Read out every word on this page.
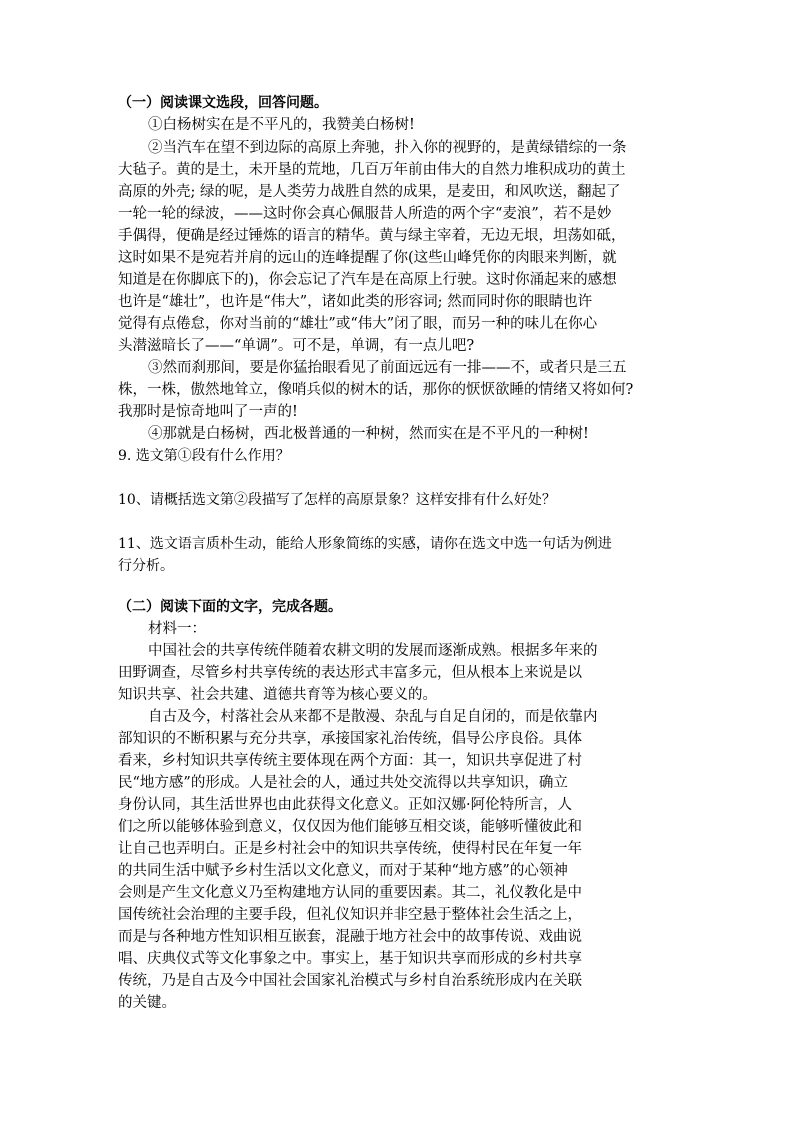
（一）阅读课文选段，回答问题。

①白杨树实在是不平凡的，我赞美白杨树!

②当汽车在望不到边际的高原上奔驰，扑入你的视野的，是黄绿错综的一条

大毡子。黄的是土，未开垦的荒地，几百万年前由伟大的自然力堆积成功的黄土

高原的外壳; 绿的呢，是人类劳力战胜自然的成果，是麦田，和风吹送，翻起了

一轮一轮的绿波，——这时你会真心佩服昔人所造的两个字“麦浪”，若不是妙

手偶得，便确是经过锤炼的语言的精华。黄与绿主宰着，无边无垠，坦荡如砥，

这时如果不是宛若并肩的远山的连峰提醒了你(这些山峰凭你的肉眼来判断，就

知道是在你脚底下的)，你会忘记了汽车是在高原上行驶。这时你涌起来的感想

也许是“雄壮”，也许是“伟大”，诸如此类的形容词; 然而同时你的眼睛也许

觉得有点倦怠，你对当前的“雄壮”或“伟大”闭了眼，而另一种的味儿在你心

头潜滋暗长了——“单调”。可不是，单调，有一点儿吧?

③然而刹那间，要是你猛抬眼看见了前面远远有一排——不，或者只是三五

株，一株，傲然地耸立，像哨兵似的树木的话，那你的恹恹欲睡的情绪又将如何?

我那时是惊奇地叫了一声的!

④那就是白杨树，西北极普通的一种树，然而实在是不平凡的一种树!

9. 选文第①段有什么作用？

10、请概括选文第②段描写了怎样的高原景象？这样安排有什么好处？

11、选文语言质朴生动，能给人形象简练的实感，请你在选文中选一句话为例进

行分析。

（二）阅读下面的文字，完成各题。

材料一：

中国社会的共享传统伴随着农耕文明的发展而逐渐成熟。根据多年来的

田野调查，尽管乡村共享传统的表达形式丰富多元，但从根本上来说是以

知识共享、社会共建、道德共育等为核心要义的。

自古及今，村落社会从来都不是散漫、杂乱与自足自闭的，而是依靠内

部知识的不断积累与充分共享，承接国家礼治传统，倡导公序良俗。具体

看来，乡村知识共享传统主要体现在两个方面：其一，知识共享促进了村

民“地方感”的形成。人是社会的人，通过共处交流得以共享知识，确立

身份认同，其生活世界也由此获得文化意义。正如汉娜·阿伦特所言，人

们之所以能够体验到意义，仅仅因为他们能够互相交谈，能够听懂彼此和

让自己也弄明白。正是乡村社会中的知识共享传统，使得村民在年复一年

的共同生活中赋予乡村生活以文化意义，而对于某种“地方感”的心领神

会则是产生文化意义乃至构建地方认同的重要因素。其二，礼仪教化是中

国传统社会治理的主要手段，但礼仪知识并非空悬于整体社会生活之上，

而是与各种地方性知识相互嵌套，混融于地方社会中的故事传说、戏曲说

唱、庆典仪式等文化事象之中。事实上，基于知识共享而形成的乡村共享

传统，乃是自古及今中国社会国家礼治模式与乡村自治系统形成内在关联

的关键。
